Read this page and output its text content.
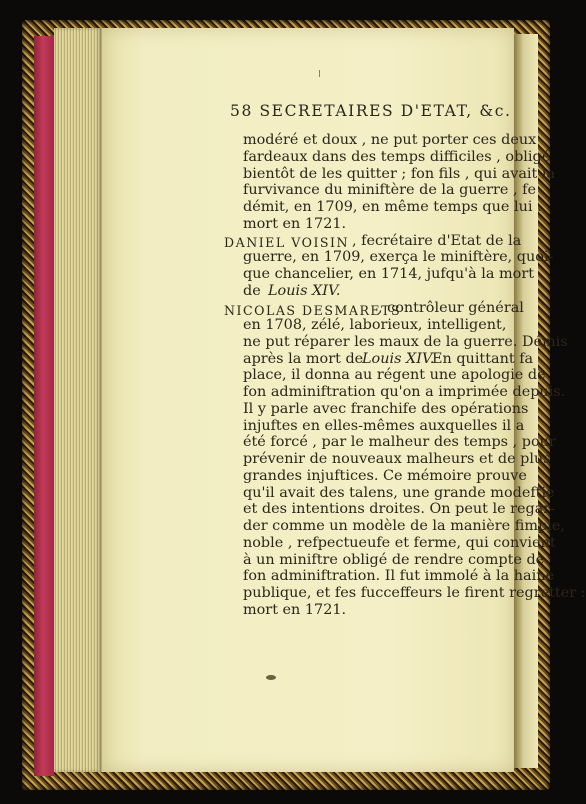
58 SECRETAIRES D'ETAT, &c.
modéré et doux , ne put porter ces deux
fardeaux dans des temps difficiles , obligé
bientôt de les quitter ; fon fils , qui avait la
furvivance du miniftère de la guerre , fe
démit, en 1709, en même temps que lui :
mort en 1721.
DANIEL VOISIN , fecrétaire d'Etat de la
guerre, en 1709, exerça le miniftère, quoi-
que chancelier, en 1714, jufqu'à la mort
de Louis XIV.
NICOLAS DESMARETS
, contrôleur général
en 1708, zélé, laborieux, intelligent,
ne put réparer les maux de la guerre. Démis
après la mort de
Louis XIV.
En quittant fa
place, il donna au régent une apologie de
fon adminiftration qu'on a imprimée depuis.
Il y parle avec franchife des opérations
injuftes en elles-mêmes auxquelles il a
été forcé , par le malheur des temps , pour
prévenir de nouveaux malheurs et de plus
grandes injuftices. Ce mémoire prouve
qu'il avait des talens, une grande modeftie
et des intentions droites. On peut le regar-
der comme un modèle de la manière fimple,
noble , refpectueufe et ferme, qui convient
à un miniftre obligé de rendre compte de
fon adminiftration. Il fut immolé à la haine
publique, et fes fucceffeurs le firent regretter :
mort en 1721.
